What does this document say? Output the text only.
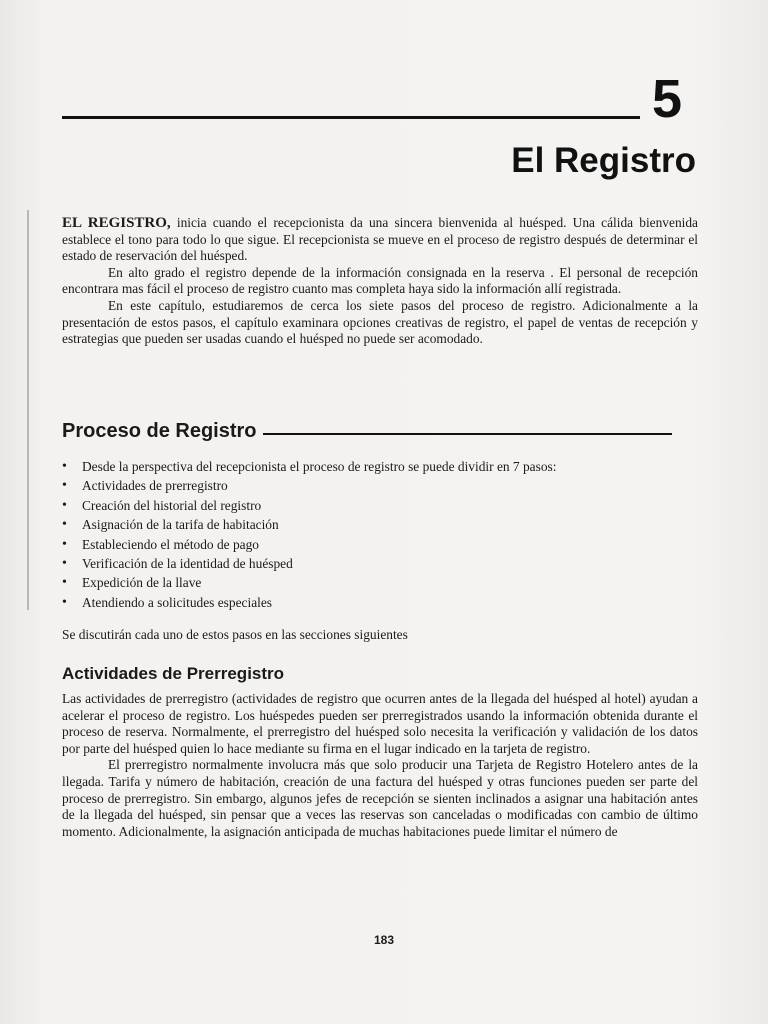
5
El Registro

EL REGISTRO, inicia cuando el recepcionista da una sincera bienvenida al huésped. Una cálida bienvenida establece el tono para todo lo que sigue. El recepcionista se mueve en el proceso de registro después de determinar el estado de reservación del huésped.

En alto grado el registro depende de la información consignada en la reserva . El personal de recepción encontrara mas fácil el proceso de registro cuanto mas completa haya sido la información allí registrada.

En este capítulo, estudiaremos de cerca los siete pasos del proceso de registro. Adicionalmente a la presentación de estos pasos, el capítulo examinara opciones creativas de registro, el papel de ventas de recepción y estrategias que pueden ser usadas cuando el huésped no puede ser acomodado.

Proceso de Registro
• Desde la perspectiva del recepcionista el proceso de registro se puede dividir en 7 pasos:
• Actividades de prerregistro
• Creación del historial del registro
• Asignación de la tarifa de habitación
• Estableciendo el método de pago
• Verificación de la identidad de huésped
• Expedición de la llave
• Atendiendo a solicitudes especiales

Se discutirán cada uno de estos pasos en las secciones siguientes

Actividades de Prerregistro

Las actividades de prerregistro (actividades de registro que ocurren antes de la llegada del huésped al hotel) ayudan a acelerar el proceso de registro. Los huéspedes pueden ser prerregistrados usando la información obtenida durante el proceso de reserva. Normalmente, el prerregistro del huésped solo necesita la verificación y validación de los datos por parte del huésped quien lo hace mediante su firma en el lugar indicado en la tarjeta de registro.

El prerregistro normalmente involucra más que solo producir una Tarjeta de Registro Hotelero antes de la llegada. Tarifa y número de habitación, creación de una factura del huésped y otras funciones pueden ser parte del proceso de prerregistro. Sin embargo, algunos jefes de recepción se sienten inclinados a asignar una habitación antes de la llegada del huésped, sin pensar que a veces las reservas son canceladas o modificadas con cambio de último momento. Adicionalmente, la asignación anticipada de muchas habitaciones puede limitar el número de

183
